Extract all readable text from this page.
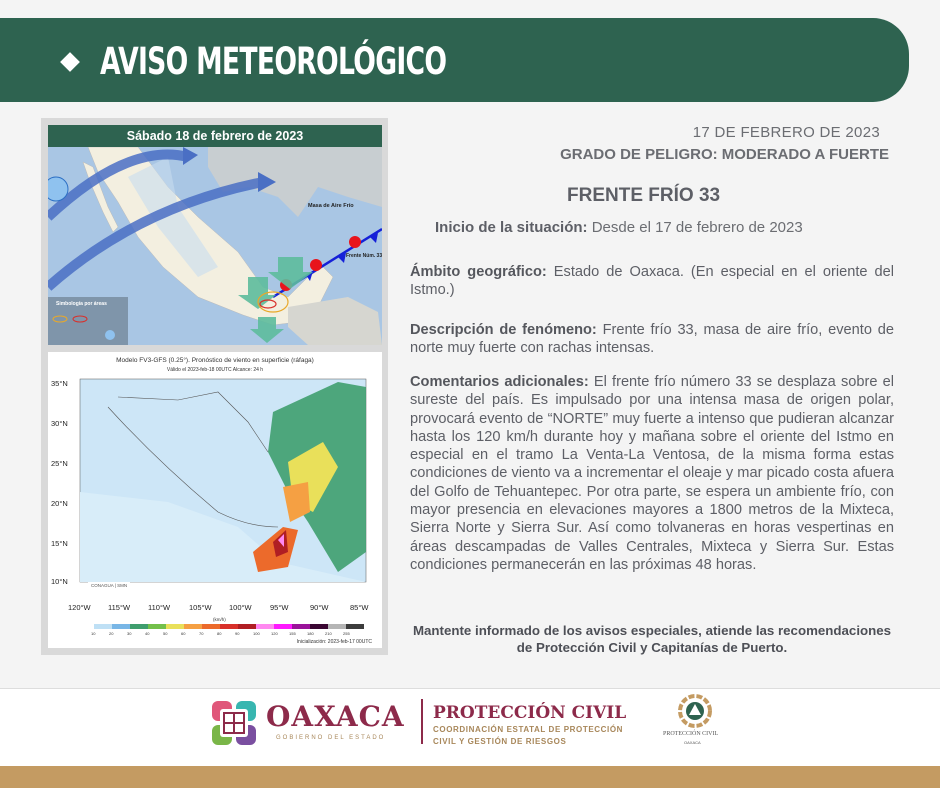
AVISO METEOROLÓGICO
Sábado 18 de febrero de 2023
Masa de Aire Frío
Frente Núm. 33
Simbología por áreas
Modelo FV3-GFS (0.25°). Pronóstico de viento en superficie (ráfaga)
Válido el 2023-feb-18 00UTC Alcance: 24 h
35°N
30°N
25°N
20°N
15°N
10°N
120°W 115°W 110°W	105°W 100°W 95°W	90°W	85°W
CONAGUA | SMN
(km/h)
10	20	30	40	50	60	70	80	90	100	120	155	180	210	255
Inicialización: 2023-feb-17 00UTC
17 DE FEBRERO DE 2023
GRADO DE PELIGRO: MODERADO A FUERTE
FRENTE FRÍO 33
Inicio de la situación: Desde el 17 de febrero de 2023
Ámbito geográfico: Estado de Oaxaca. (En especial en el oriente del Istmo.)
Descripción de fenómeno: Frente frío 33, masa de aire frío, evento de norte muy fuerte con rachas intensas.
Comentarios adicionales: El frente frío número 33 se desplaza sobre el sureste del país. Es impulsado por una intensa masa de origen polar, provocará evento de “NORTE” muy fuerte a intenso que pudieran alcanzar hasta los 120 km/h durante hoy y mañana sobre el oriente del Istmo en especial en el tramo La Venta-La Ventosa, de la misma forma estas condiciones de viento va a incrementar el oleaje y mar picado costa afuera del Golfo de Tehuantepec. Por otra parte, se espera un ambiente frío, con mayor presencia en elevaciones mayores a 1800 metros de la Mixteca, Sierra Norte y Sierra Sur. Así como tolvaneras en horas vespertinas en áreas descampadas de Valles Centrales, Mixteca y Sierra Sur. Estas condiciones permanecerán en las próximas 48 horas.
Mantente informado de los avisos especiales, atiende las recomendaciones de Protección Civil y Capitanías de Puerto.
OAXACA
GOBIERNO DEL ESTADO
PROTECCIÓN CIVIL
COORDINACIÓN ESTATAL DE PROTECCIÓN
CIVIL Y GESTIÓN DE RIESGOS
PROTECCIÓN CIVIL
OAXACA
